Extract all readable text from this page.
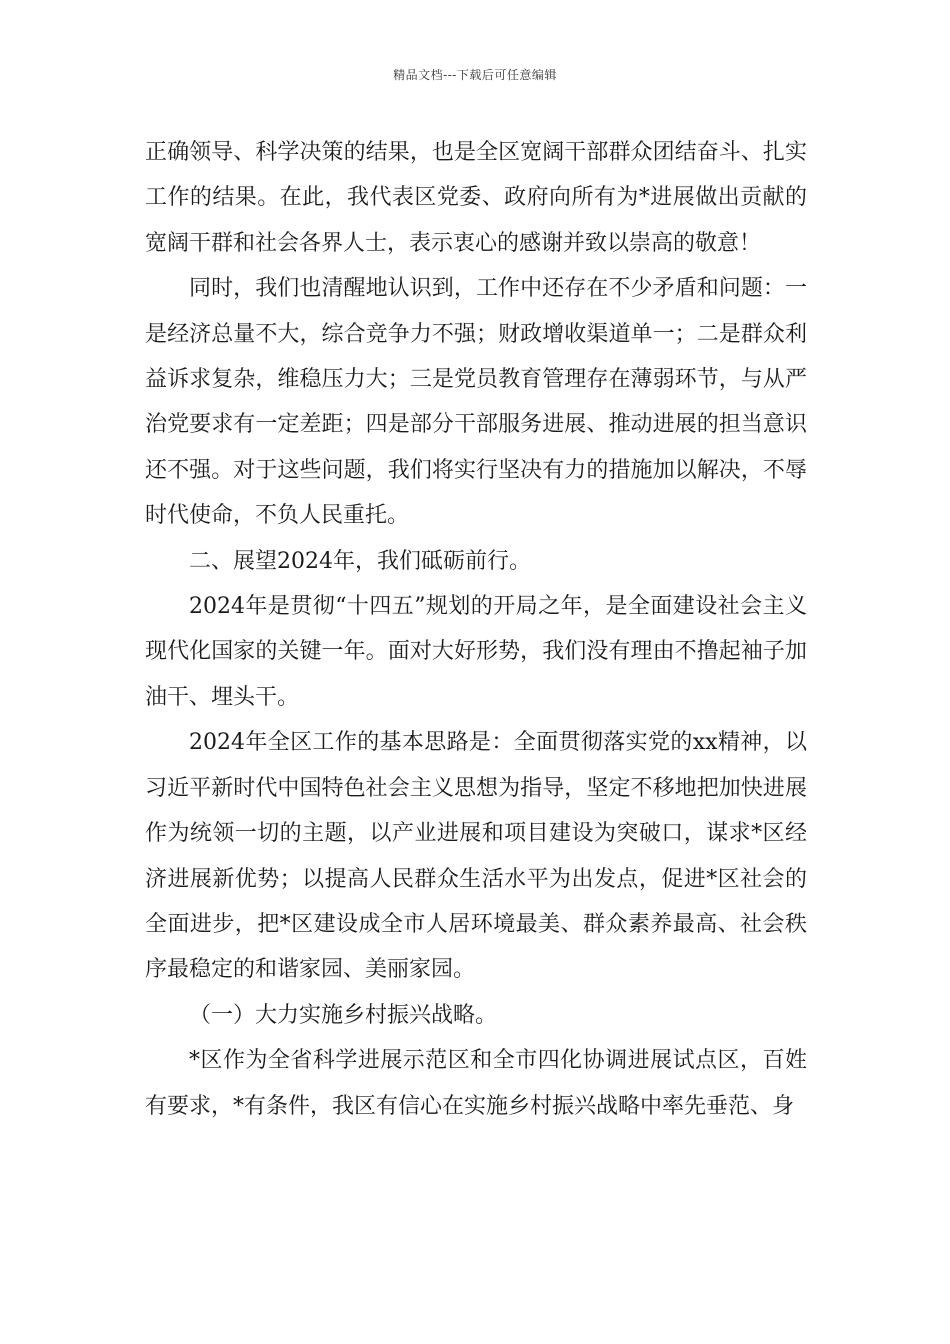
精品文档---下载后可任意编辑

正确领导、科学决策的结果，也是全区宽阔干部群众团结奋斗、扎实工作的结果。在此，我代表区党委、政府向所有为*进展做出贡献的宽阔干群和社会各界人士，表示衷心的感谢并致以崇高的敬意！

同时，我们也清醒地认识到，工作中还存在不少矛盾和问题：一是经济总量不大，综合竞争力不强；财政增收渠道单一；二是群众利益诉求复杂，维稳压力大；三是党员教育管理存在薄弱环节，与从严治党要求有一定差距；四是部分干部服务进展、推动进展的担当意识还不强。对于这些问题，我们将实行坚决有力的措施加以解决，不辱时代使命，不负人民重托。

二、展望2024年，我们砥砺前行。

2024年是贯彻“十四五”规划的开局之年，是全面建设社会主义现代化国家的关键一年。面对大好形势，我们没有理由不撸起袖子加油干、埋头干。

2024年全区工作的基本思路是：全面贯彻落实党的xx精神，以习近平新时代中国特色社会主义思想为指导，坚定不移地把加快进展作为统领一切的主题，以产业进展和项目建设为突破口，谋求*区经济进展新优势；以提高人民群众生活水平为出发点，促进*区社会的全面进步，把*区建设成全市人居环境最美、群众素养最高、社会秩序最稳定的和谐家园、美丽家园。

（一）大力实施乡村振兴战略。

*区作为全省科学进展示范区和全市四化协调进展试点区，百姓有要求，*有条件，我区有信心在实施乡村振兴战略中率先垂范、身
